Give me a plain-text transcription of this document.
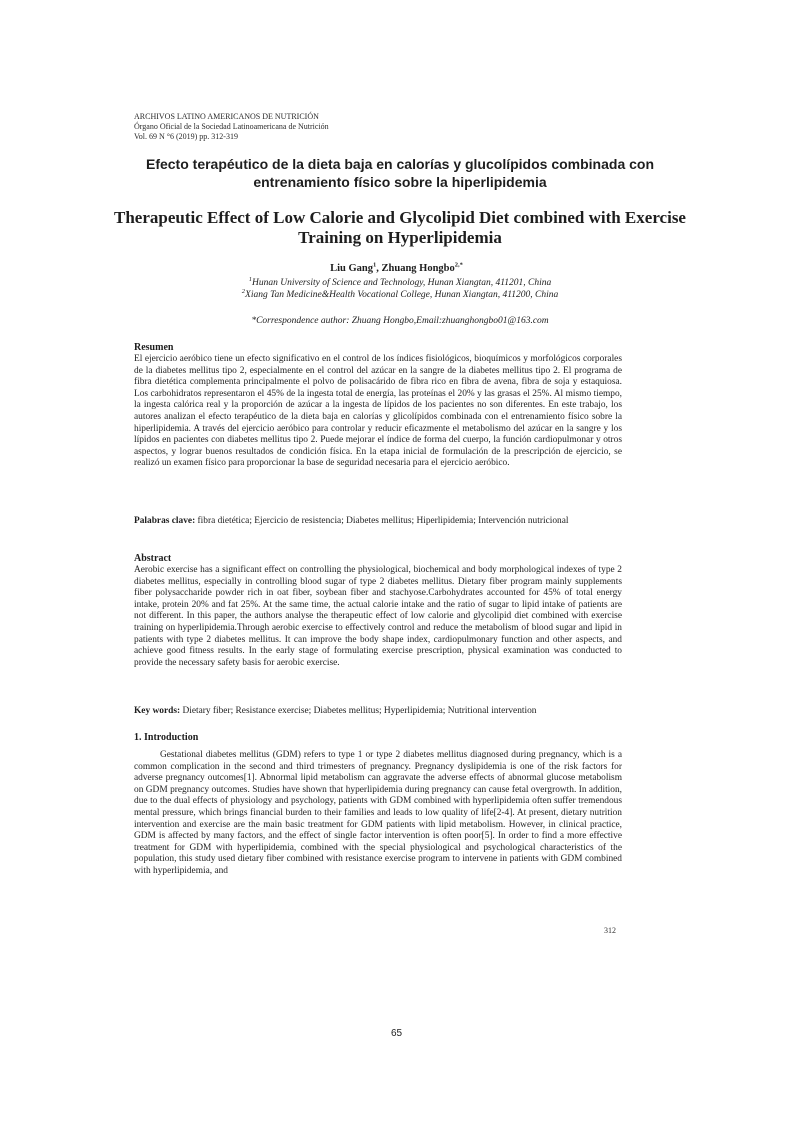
ARCHIVOS LATINO AMERICANOS DE NUTRICIÓN
Órgano Oficial de la Sociedad Latinoamericana de Nutrición
Vol. 69 N °6 (2019) pp. 312-319
Efecto terapéutico de la dieta baja en calorías y glucolípidos combinada con entrenamiento físico sobre la hiperlipidemia
Therapeutic Effect of Low Calorie and Glycolipid Diet combined with Exercise Training on Hyperlipidemia
Liu Gang$^1$, Zhuang Hongbo$^{2,*}$
$^1$Hunan University of Science and Technology, Hunan Xiangtan, 411201, China
$^2$Xiang Tan Medicine&Health Vocational College, Hunan Xiangtan, 411200, China
*Correspondence author: Zhuang Hongbo,Email:zhuanghongbo01@163.com
Resumen
El ejercicio aeróbico tiene un efecto significativo en el control de los índices fisiológicos, bioquímicos y morfológicos corporales de la diabetes mellitus tipo 2, especialmente en el control del azúcar en la sangre de la diabetes mellitus tipo 2. El programa de fibra dietética complementa principalmente el polvo de polisacárido de fibra rico en fibra de avena, fibra de soja y estaquiosa. Los carbohidratos representaron el 45% de la ingesta total de energía, las proteínas el 20% y las grasas el 25%. Al mismo tiempo, la ingesta calórica real y la proporción de azúcar a la ingesta de lípidos de los pacientes no son diferentes. En este trabajo, los autores analizan el efecto terapéutico de la dieta baja en calorías y glicolípidos combinada con el entrenamiento físico sobre la hiperlipidemia. A través del ejercicio aeróbico para controlar y reducir eficazmente el metabolismo del azúcar en la sangre y los lípidos en pacientes con diabetes mellitus tipo 2. Puede mejorar el índice de forma del cuerpo, la función cardiopulmonar y otros aspectos, y lograr buenos resultados de condición física. En la etapa inicial de formulación de la prescripción de ejercicio, se realizó un examen físico para proporcionar la base de seguridad necesaria para el ejercicio aeróbico.
Palabras clave: fibra dietética; Ejercicio de resistencia; Diabetes mellitus; Hiperlipidemia; Intervención nutricional
Abstract
Aerobic exercise has a significant effect on controlling the physiological, biochemical and body morphological indexes of type 2 diabetes mellitus, especially in controlling blood sugar of type 2 diabetes mellitus. Dietary fiber program mainly supplements fiber polysaccharide powder rich in oat fiber, soybean fiber and stachyose.Carbohydrates accounted for 45% of total energy intake, protein 20% and fat 25%. At the same time, the actual calorie intake and the ratio of sugar to lipid intake of patients are not different. In this paper, the authors analyse the therapeutic effect of low calorie and glycolipid diet combined with exercise training on hyperlipidemia.Through aerobic exercise to effectively control and reduce the metabolism of blood sugar and lipid in patients with type 2 diabetes mellitus. It can improve the body shape index, cardiopulmonary function and other aspects, and achieve good fitness results. In the early stage of formulating exercise prescription, physical examination was conducted to provide the necessary safety basis for aerobic exercise.
Key words: Dietary fiber; Resistance exercise; Diabetes mellitus; Hyperlipidemia; Nutritional intervention
1. Introduction

Gestational diabetes mellitus (GDM) refers to type 1 or type 2 diabetes mellitus diagnosed during pregnancy, which is a common complication in the second and third trimesters of pregnancy. Pregnancy dyslipidemia is one of the risk factors for adverse pregnancy outcomes[1]. Abnormal lipid metabolism can aggravate the adverse effects of abnormal glucose metabolism on GDM pregnancy outcomes. Studies have shown that hyperlipidemia during pregnancy can cause fetal overgrowth. In addition, due to the dual effects of physiology and psychology, patients with GDM combined with hyperlipidemia often suffer tremendous mental pressure, which brings financial burden to their families and leads to low quality of life[2-4]. At present, dietary nutrition intervention and exercise are the main basic treatment for GDM patients with lipid metabolism. However, in clinical practice, GDM is affected by many factors, and the effect of single factor intervention is often poor[5]. In order to find a more effective treatment for GDM with hyperlipidemia, combined with the special physiological and psychological characteristics of the population, this study used dietary fiber combined with resistance exercise program to intervene in patients with GDM combined with hyperlipidemia, and

312
65
